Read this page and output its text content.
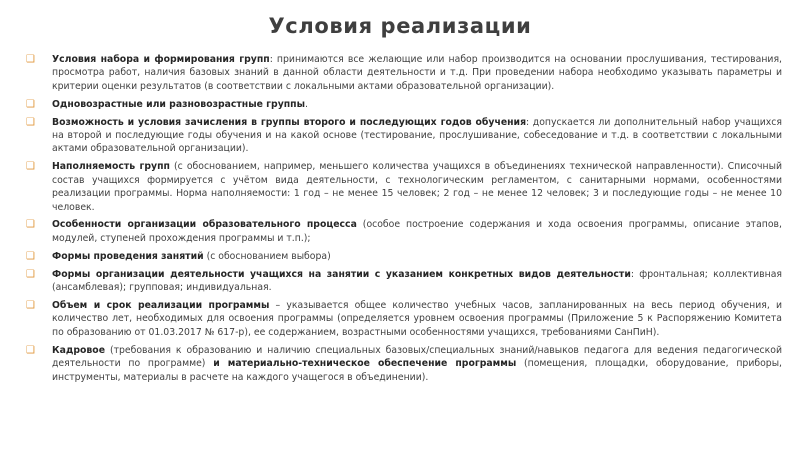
Условия реализации
❑ Условия набора и формирования групп: принимаются все желающие или набор производится на основании прослушивания, тестирования, просмотра работ, наличия базовых знаний в данной области деятельности и т.д. При проведении набора необходимо указывать параметры и критерии оценки результатов (в соответствии с локальными актами образовательной организации).
❑ Одновозрастные или разновозрастные группы.
❑ Возможность и условия зачисления в группы второго и последующих годов обучения: допускается ли дополнительный набор учащихся на второй и последующие годы обучения и на какой основе (тестирование, прослушивание, собеседование и т.д. в соответствии с локальными актами образовательной организации).
❑ Наполняемость групп (с обоснованием, например, меньшего количества учащихся в объединениях технической направленности). Списочный состав учащихся формируется с учётом вида деятельности, с технологическим регламентом, с санитарными нормами, особенностями реализации программы. Норма наполняемости: 1 год – не менее 15 человек; 2 год – не менее 12 человек; 3 и последующие годы – не менее 10 человек.
❑ Особенности организации образовательного процесса (особое построение содержания и хода освоения программы, описание этапов, модулей, ступеней прохождения программы и т.п.);
❑ Формы проведения занятий (с обоснованием выбора)
❑ Формы организации деятельности учащихся на занятии с указанием конкретных видов деятельности: фронтальная; коллективная (ансамблевая); групповая; индивидуальная.
❑ Объем и срок реализации программы – указывается общее количество учебных часов, запланированных на весь период обучения, и количество лет, необходимых для освоения программы (определяется уровнем освоения программы (Приложение 5 к Распоряжению Комитета по образованию от 01.03.2017 № 617-р), ее содержанием, возрастными особенностями учащихся, требованиями СанПиН).
❑ Кадровое (требования к образованию и наличию специальных базовых/специальных знаний/навыков педагога для ведения педагогической деятельности по программе) и материально-техническое обеспечение программы (помещения, площадки, оборудование, приборы, инструменты, материалы в расчете на каждого учащегося в объединении).
